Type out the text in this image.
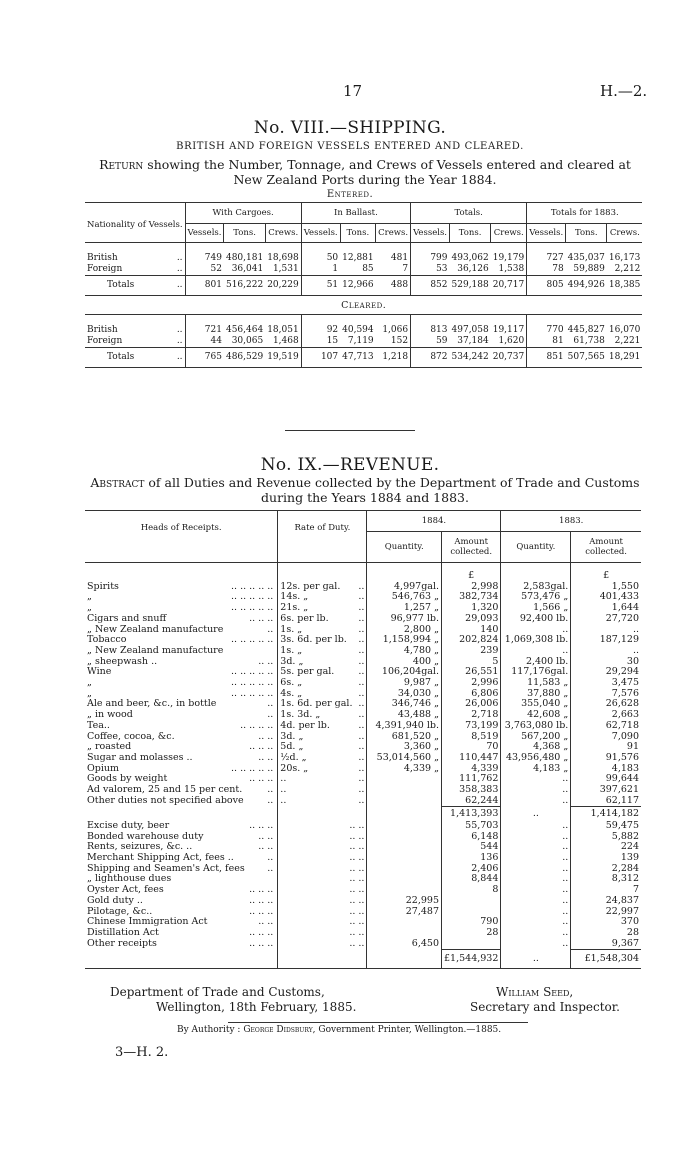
17	H.—2.
No. VIII.—SHIPPING.
BRITISH AND FOREIGN VESSELS ENTERED AND CLEARED.
Return showing the Number, Tonnage, and Crews of Vessels entered and cleared at New Zealand Ports during the Year 1884.
Entered.
Nationality of Vessels.	With Cargoes.			In Ballast.			Totals.			Totals for 1883.		
	Vessels.	Tons.	Crews.	Vessels.	Tons.	Crews.	Vessels.	Tons.	Crews.	Vessels.	Tons.	Crews.
British ..	749	480,181	18,698	50	12,881	481	799	493,062	19,179	727	435,037	16,173
Foreign ..	52	36,041	1,531	1	85	7	53	36,126	1,538	78	59,889	2,212
Totals ..	801	516,222	20,229	51	12,966	488	852	529,188	20,717	805	494,926	18,385
Cleared.												
British ..	721	456,464	18,051	92	40,594	1,066	813	497,058	19,117	770	445,827	16,070
Foreign ..	44	30,065	1,468	15	7,119	152	59	37,184	1,620	81	61,738	2,221
Totals ..	765	486,529	19,519	107	47,713	1,218	872	534,242	20,737	851	507,565	18,291
No. IX.—REVENUE.
Abstract of all Duties and Revenue collected by the Department of Trade and Customs during the Years 1884 and 1883.
Heads of Receipts.	Rate of Duty.	1884.		1883.	
		Quantity.	Amount collected.	Quantity.	Amount collected.
			£		£
Spirits .. .. .. .. ..	12s. per gal. ..	4,997gal.	2,998	2,583gal.	1,550
„ .. .. .. .. ..	14s. „ ..	546,763 „	382,734	573,476 „	401,433
„ .. .. .. .. ..	21s. „ ..	1,257 „	1,320	1,566 „	1,644
Cigars and snuff .. .. ..	6s. per lb. ..	96,977 lb.	29,093	92,400 lb.	27,720
„ New Zealand manufacture ..	1s. „ ..	2,800 „	140	..	..
Tobacco .. .. .. .. ..	3s. 6d. per lb. ..	1,158,994 „	202,824	1,069,308 lb.	187,129
„ New Zealand manufacture	1s. „ ..	4,780 „	239	..	..
„ sheepwash .. .. ..	3d. „ ..	400 „	5	2,400 lb.	30
Wine .. .. .. .. ..	5s. per gal. ..	106,204gal.	26,551	117,176gal.	29,294
„ .. .. .. .. ..	6s. „ ..	9,987 „	2,996	11,583 „	3,475
„ .. .. .. .. ..	4s. „ ..	34,030 „	6,806	37,880 „	7,576
Ale and beer, &c., in bottle ..	1s. 6d. per gal. ..	346,746 „	26,006	355,040 „	26,628
„ in wood ..	1s. 3d. „ ..	43,488 „	2,718	42,608 „	2,663
Tea.. .. .. .. ..	4d. per lb. ..	4,391,940 lb.	73,199	3,763,080 lb.	62,718
Coffee, cocoa, &c. .. ..	3d. „ ..	681,520 „	8,519	567,200 „	7,090
„ roasted .. .. ..	5d. „ ..	3,360 „	70	4,368 „	91
Sugar and molasses .. .. ..	½d. „ ..	53,014,560 „	110,447	43,956,480 „	91,576
Opium .. .. .. .. ..	20s. „ ..	4,339 „	4,339	4,183 „	4,183
Goods by weight .. .. ..	.. ..		111,762	..	99,644
Ad valorem, 25 and 15 per cent. ..	.. ..		358,383	..	397,621
Other duties not specified above ..	.. ..		62,244	..	62,117
			1,413,393	..	1,414,182
Excise duty, beer .. .. ..	.. ..		55,703	..	59,475
Bonded warehouse duty .. ..	.. ..		6,148	..	5,882
Rents, seizures, &c. .. .. ..	.. ..		544	..	224
Merchant Shipping Act, fees .. ..	.. ..		136	..	139
Shipping and Seamen's Act, fees ..	.. ..		2,406	..	2,284
„ lighthouse dues	.. ..		8,844	..	8,312
Oyster Act, fees .. .. ..	.. ..		8	..	7
Gold duty .. .. .. ..	.. ..	22,995		..	24,837
Pilotage, &c.. .. .. ..	.. ..	27,487		..	22,997
Chinese Immigration Act .. ..	.. ..		790	..	370
Distillation Act .. .. ..	.. ..		28	..	28
Other receipts .. .. ..	.. ..	6,450		..	9,367
			£1,544,932	..	£1,548,304
Department of Trade and Customs,
Wellington, 18th February, 1885.
William Seed,
Secretary and Inspector.
By Authority : George Didsbury, Government Printer, Wellington.—1885.
3—H. 2.
